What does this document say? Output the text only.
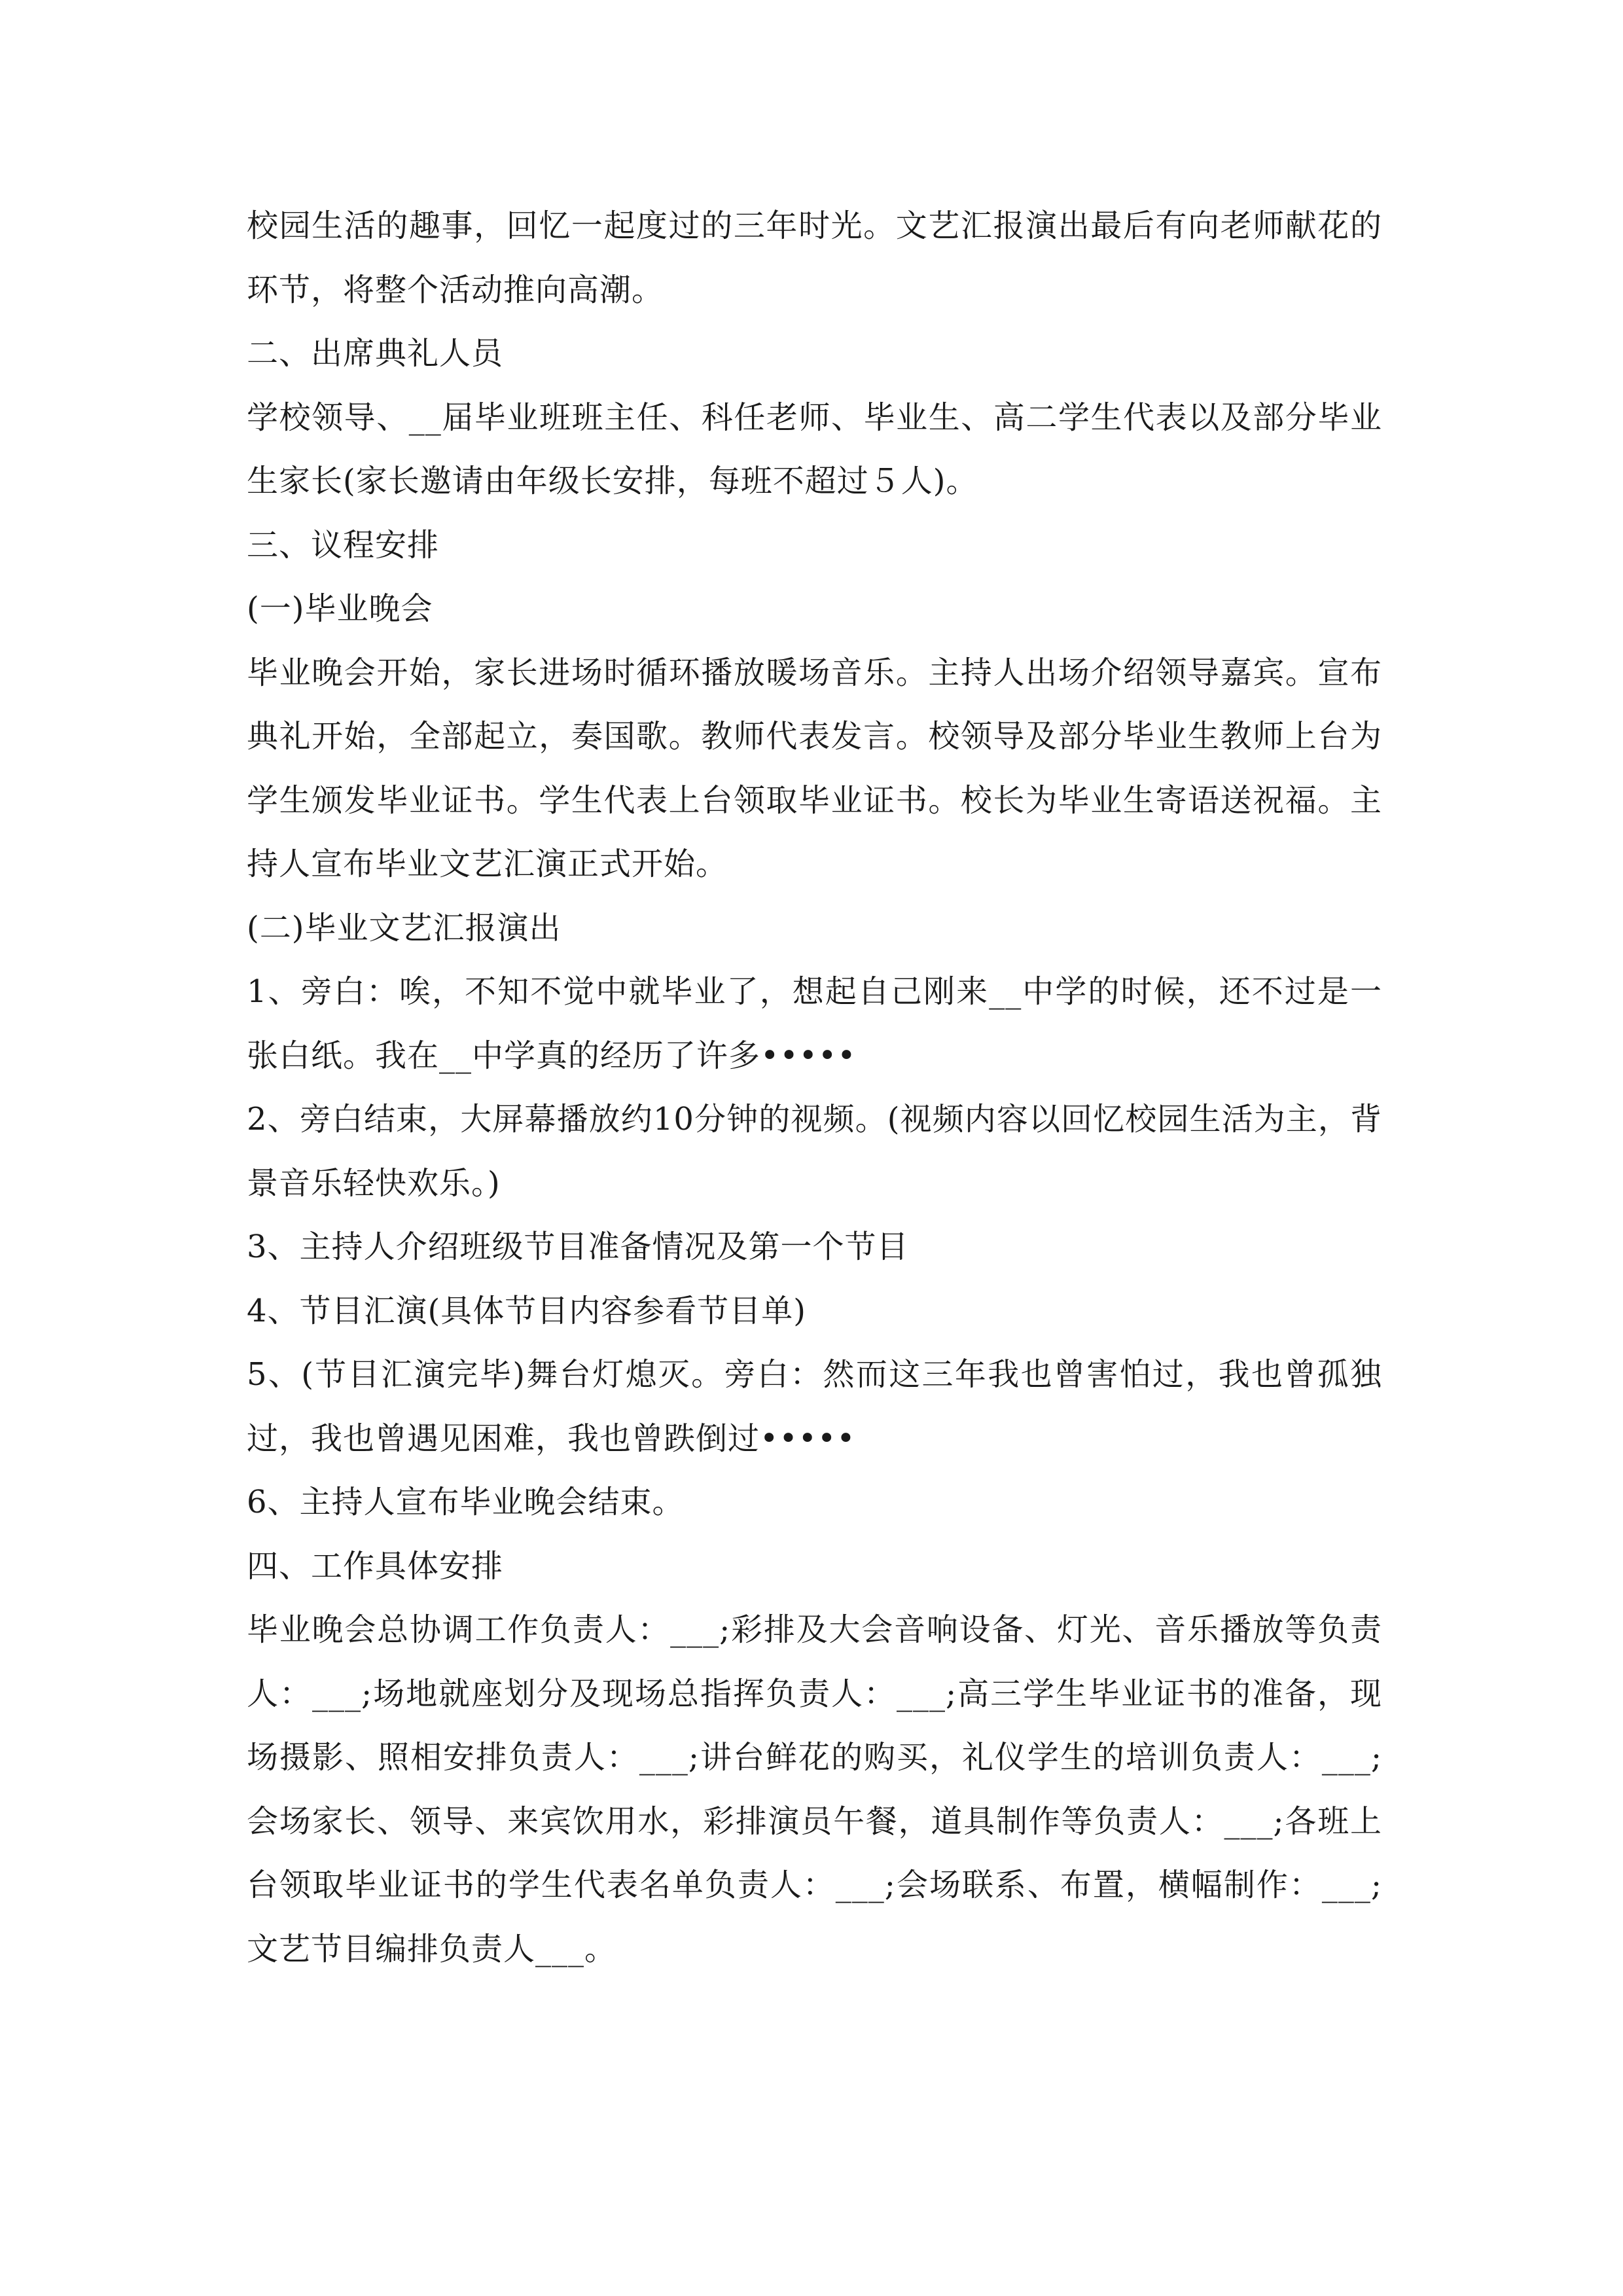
校园生活的趣事，回忆一起度过的三年时光。文艺汇报演出最后有向老师献花的环节，将整个活动推向高潮。

二、出席典礼人员

学校领导、__届毕业班班主任、科任老师、毕业生、高二学生代表以及部分毕业生家长(家长邀请由年级长安排，每班不超过５人)。

三、议程安排

(一)毕业晚会

毕业晚会开始，家长进场时循环播放暖场音乐。主持人出场介绍领导嘉宾。宣布典礼开始，全部起立，奏国歌。教师代表发言。校领导及部分毕业生教师上台为学生颁发毕业证书。学生代表上台领取毕业证书。校长为毕业生寄语送祝福。主持人宣布毕业文艺汇演正式开始。

(二)毕业文艺汇报演出

1、旁白：唉，不知不觉中就毕业了，想起自己刚来__中学的时候，还不过是一张白纸。我在__中学真的经历了许多•••••

2、旁白结束，大屏幕播放约10分钟的视频。(视频内容以回忆校园生活为主，背景音乐轻快欢乐。)

3、主持人介绍班级节目准备情况及第一个节目

4、节目汇演(具体节目内容参看节目单)

5、(节目汇演完毕)舞台灯熄灭。旁白：然而这三年我也曾害怕过，我也曾孤独过，我也曾遇见困难，我也曾跌倒过•••••

6、主持人宣布毕业晚会结束。

四、工作具体安排

毕业晚会总协调工作负责人：___;彩排及大会音响设备、灯光、音乐播放等负责人：___;场地就座划分及现场总指挥负责人：___;高三学生毕业证书的准备，现场摄影、照相安排负责人：___;讲台鲜花的购买，礼仪学生的培训负责人：___;会场家长、领导、来宾饮用水，彩排演员午餐，道具制作等负责人：___;各班上台领取毕业证书的学生代表名单负责人：___;会场联系、布置，横幅制作：___;文艺节目编排负责人___。
